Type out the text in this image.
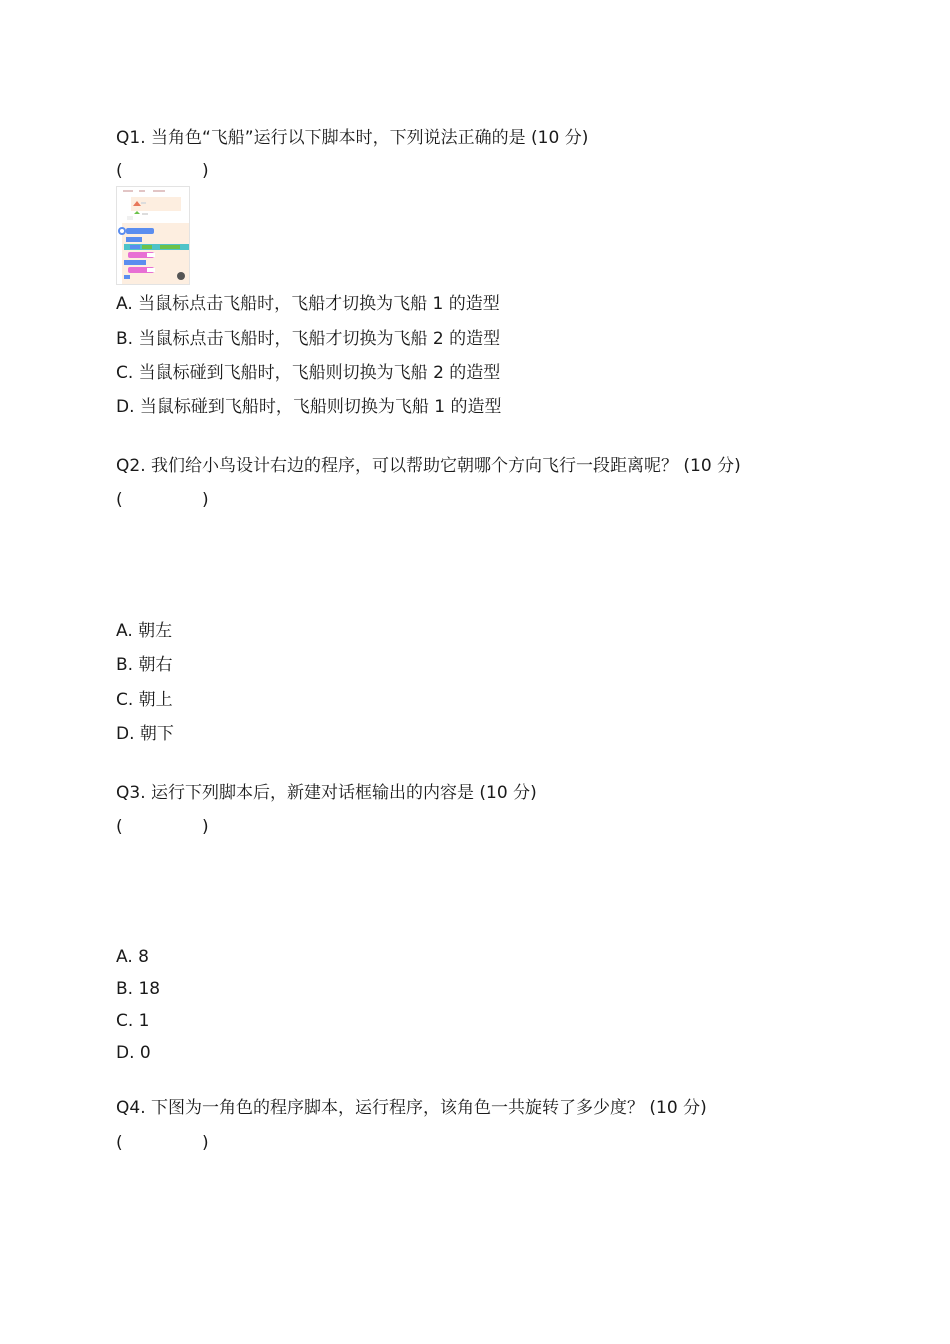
Q1. 当角色“飞船”运行以下脚本时，下列说法正确的是 (10 分)
(	)
A. 当鼠标点击飞船时，飞船才切换为飞船 1 的造型
B. 当鼠标点击飞船时，飞船才切换为飞船 2 的造型
C. 当鼠标碰到飞船时，飞船则切换为飞船 2 的造型
D. 当鼠标碰到飞船时，飞船则切换为飞船 1 的造型
Q2. 我们给小鸟设计右边的程序，可以帮助它朝哪个方向飞行一段距离呢？ (10 分)
(	)
A. 朝左
B. 朝右
C. 朝上
D. 朝下
Q3. 运行下列脚本后，新建对话框输出的内容是 (10 分)
(	)
A. 8
B. 18
C. 1
D. 0
Q4. 下图为一角色的程序脚本，运行程序，该角色一共旋转了多少度？ (10 分)
(	)
